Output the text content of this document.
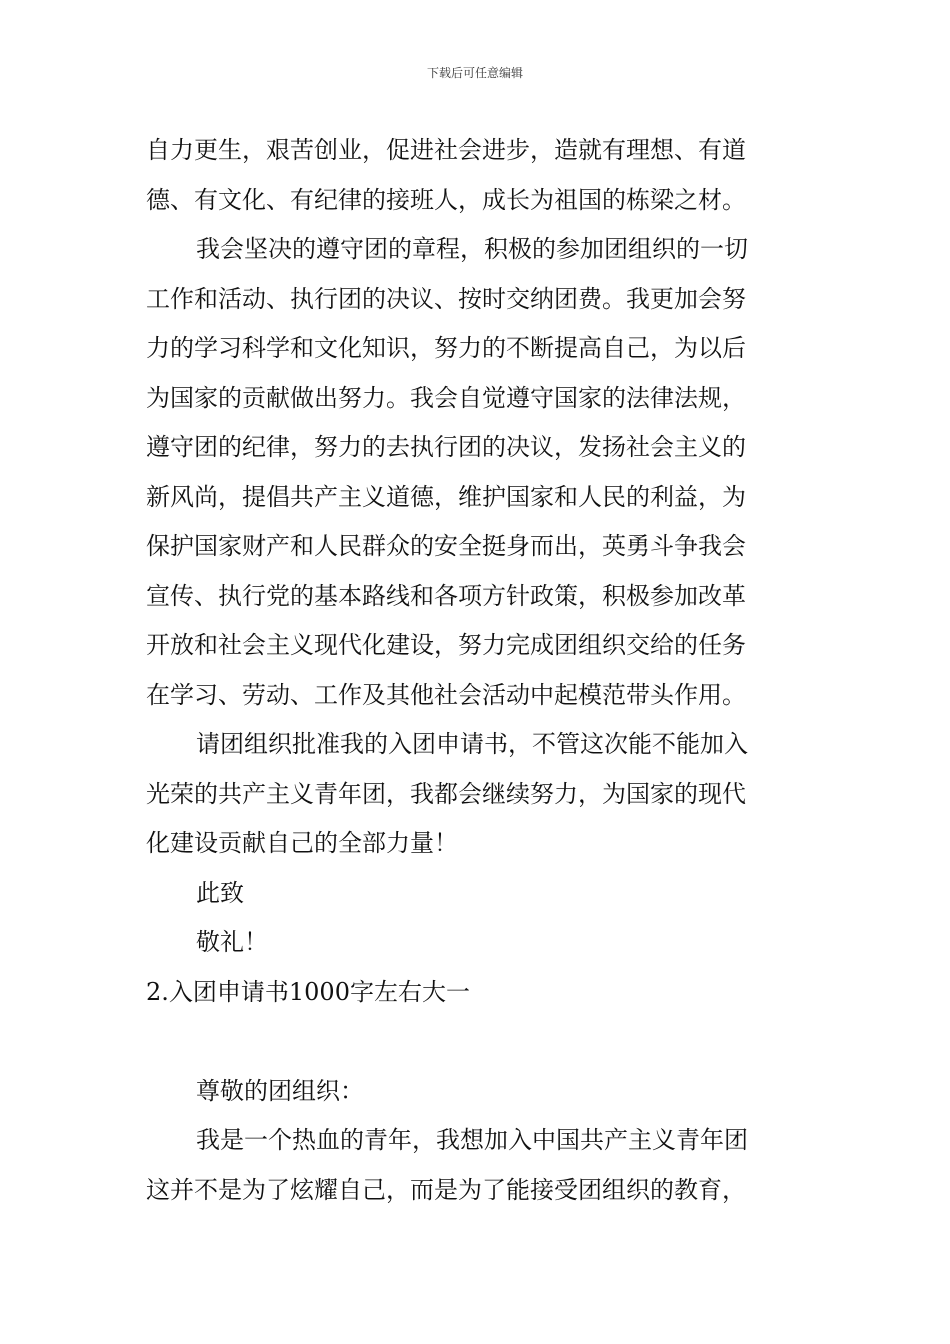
下载后可任意编辑
自力更生，艰苦创业，促进社会进步，造就有理想、有道
德、有文化、有纪律的接班人，成长为祖国的栋梁之材。
我会坚决的遵守团的章程，积极的参加团组织的一切
工作和活动、执行团的决议、按时交纳团费。我更加会努
力的学习科学和文化知识，努力的不断提高自己，为以后
为国家的贡献做出努力。我会自觉遵守国家的法律法规，
遵守团的纪律，努力的去执行团的决议，发扬社会主义的
新风尚，提倡共产主义道德，维护国家和人民的利益，为
保护国家财产和人民群众的安全挺身而出，英勇斗争我会
宣传、执行党的基本路线和各项方针政策，积极参加改革
开放和社会主义现代化建设，努力完成团组织交给的任务
在学习、劳动、工作及其他社会活动中起模范带头作用。
请团组织批准我的入团申请书，不管这次能不能加入
光荣的共产主义青年团，我都会继续努力，为国家的现代
化建设贡献自己的全部力量！
此致
敬礼！
2.入团申请书1000字左右大一
尊敬的团组织：
我是一个热血的青年，我想加入中国共产主义青年团
这并不是为了炫耀自己，而是为了能接受团组织的教育，
